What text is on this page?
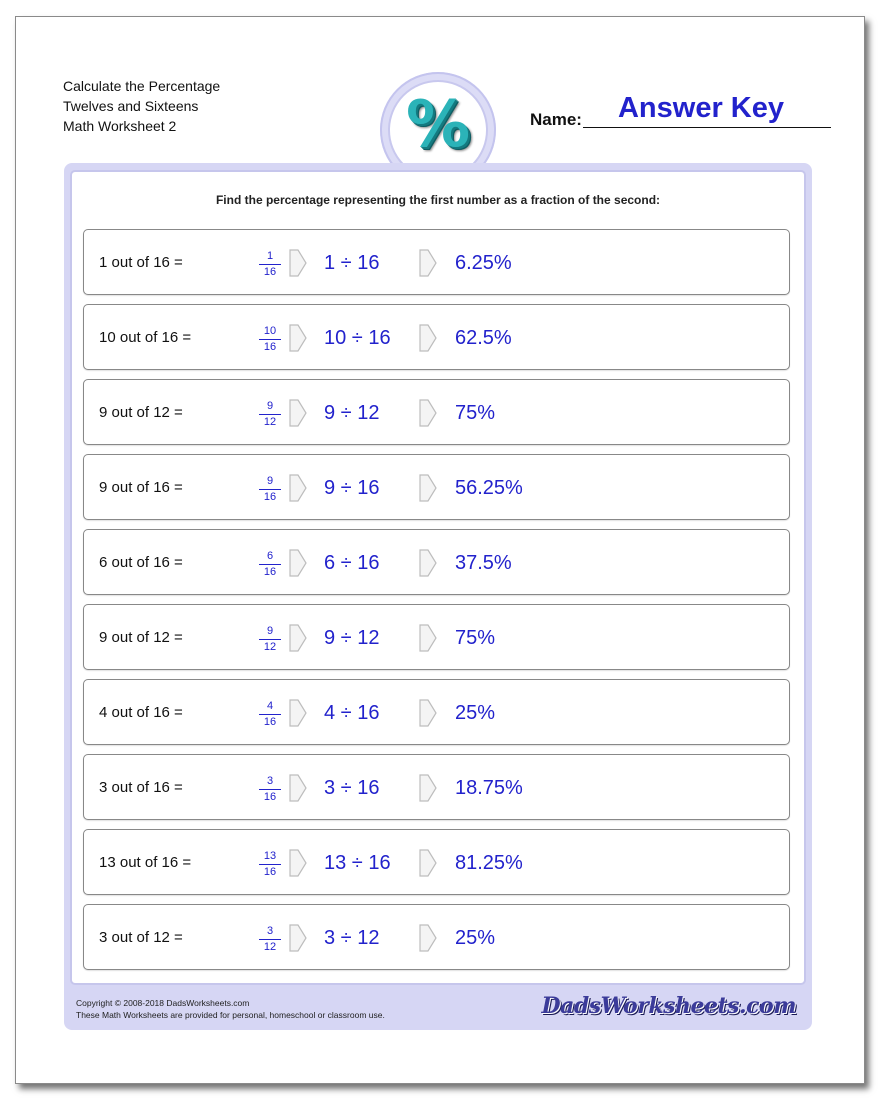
Calculate the Percentage
Twelves and Sixteens
Math Worksheet 2	%	Name:	Answer Key
Find the percentage representing the first number as a fraction of the second:
1 out of 16 =	$\frac{1}{16} 1 \div 16$	6.25%
10 out of 16 =	$\frac{10}{16} 10 \div 16$	62.5%
9 out of 12 =	$\frac{9}{12} 9 \div 12$	75%
9 out of 16 =	$\frac{9}{16} 9 \div 16$	56.25%
6 out of 16 =	$\frac{6}{16} 6 \div 16$	37.5%
9 out of 12 =	$\frac{9}{12} 9 \div 12$	75%
4 out of 16 =	$\frac{4}{16} 4 \div 16$	25%
3 out of 16 =	$\frac{3}{16} 3 \div 16$	18.75%
13 out of 16 =	$\frac{13}{16} 13 \div 16$	81.25%
3 out of 12 =	$\frac{3}{12} 3 \div 12$	25%
Copyright © 2008-2018 DadsWorksheets.com
These Math Worksheets are provided for personal, homeschool or classroom use.	DadsWorksheets.com
